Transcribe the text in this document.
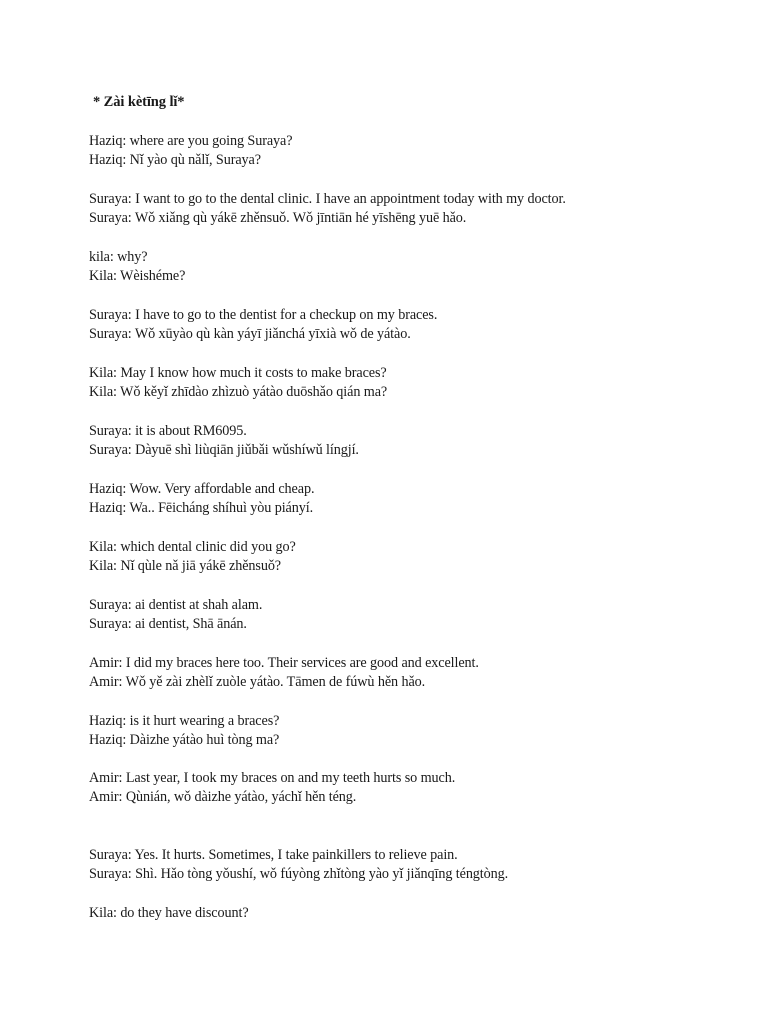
* Zài kètīng lǐ*
Haziq: where are you going Suraya?
Haziq: Nǐ yào qù nǎlǐ, Suraya?
Suraya: I want to go to the dental clinic. I have an appointment today with my doctor.
Suraya: Wǒ xiǎng qù yákē zhěnsuǒ. Wǒ jīntiān hé yīshēng yuē hǎo.
kila: why?
Kila: Wèishéme?
Suraya: I have to go to the dentist for a checkup on my braces.
Suraya: Wǒ xūyào qù kàn yáyī jiǎnchá yīxià wǒ de yátào.
Kila: May I know how much it costs to make braces?
Kila: Wǒ kěyǐ zhīdào zhìzuò yátào duōshǎo qián ma?
Suraya: it is about RM6095.
Suraya: Dàyuē shì liùqiān jiǔbǎi wǔshíwǔ língjí.
Haziq: Wow. Very affordable and cheap.
Haziq: Wa.. Fēicháng shíhuì yòu piányí.
Kila: which dental clinic did you go?
Kila: Nǐ qùle nǎ jiā yákē zhěnsuǒ?
Suraya: ai dentist at shah alam.
Suraya: ai dentist, Shā ānán.
Amir: I did my braces here too. Their services are good and excellent.
Amir: Wǒ yě zài zhèlǐ zuòle yátào. Tāmen de fúwù hěn hǎo.
Haziq: is it hurt wearing a braces?
Haziq: Dàizhe yátào huì tòng ma?
Amir: Last year, I took my braces on and my teeth hurts so much.
Amir: Qùnián, wǒ dàizhe yátào, yáchǐ hěn téng.
Suraya: Yes. It hurts. Sometimes, I take painkillers to relieve pain.
Suraya: Shì. Hǎo tòng yǒushí, wǒ fúyòng zhǐtòng yào yǐ jiǎnqīng téngtòng.
Kila: do they have discount?
